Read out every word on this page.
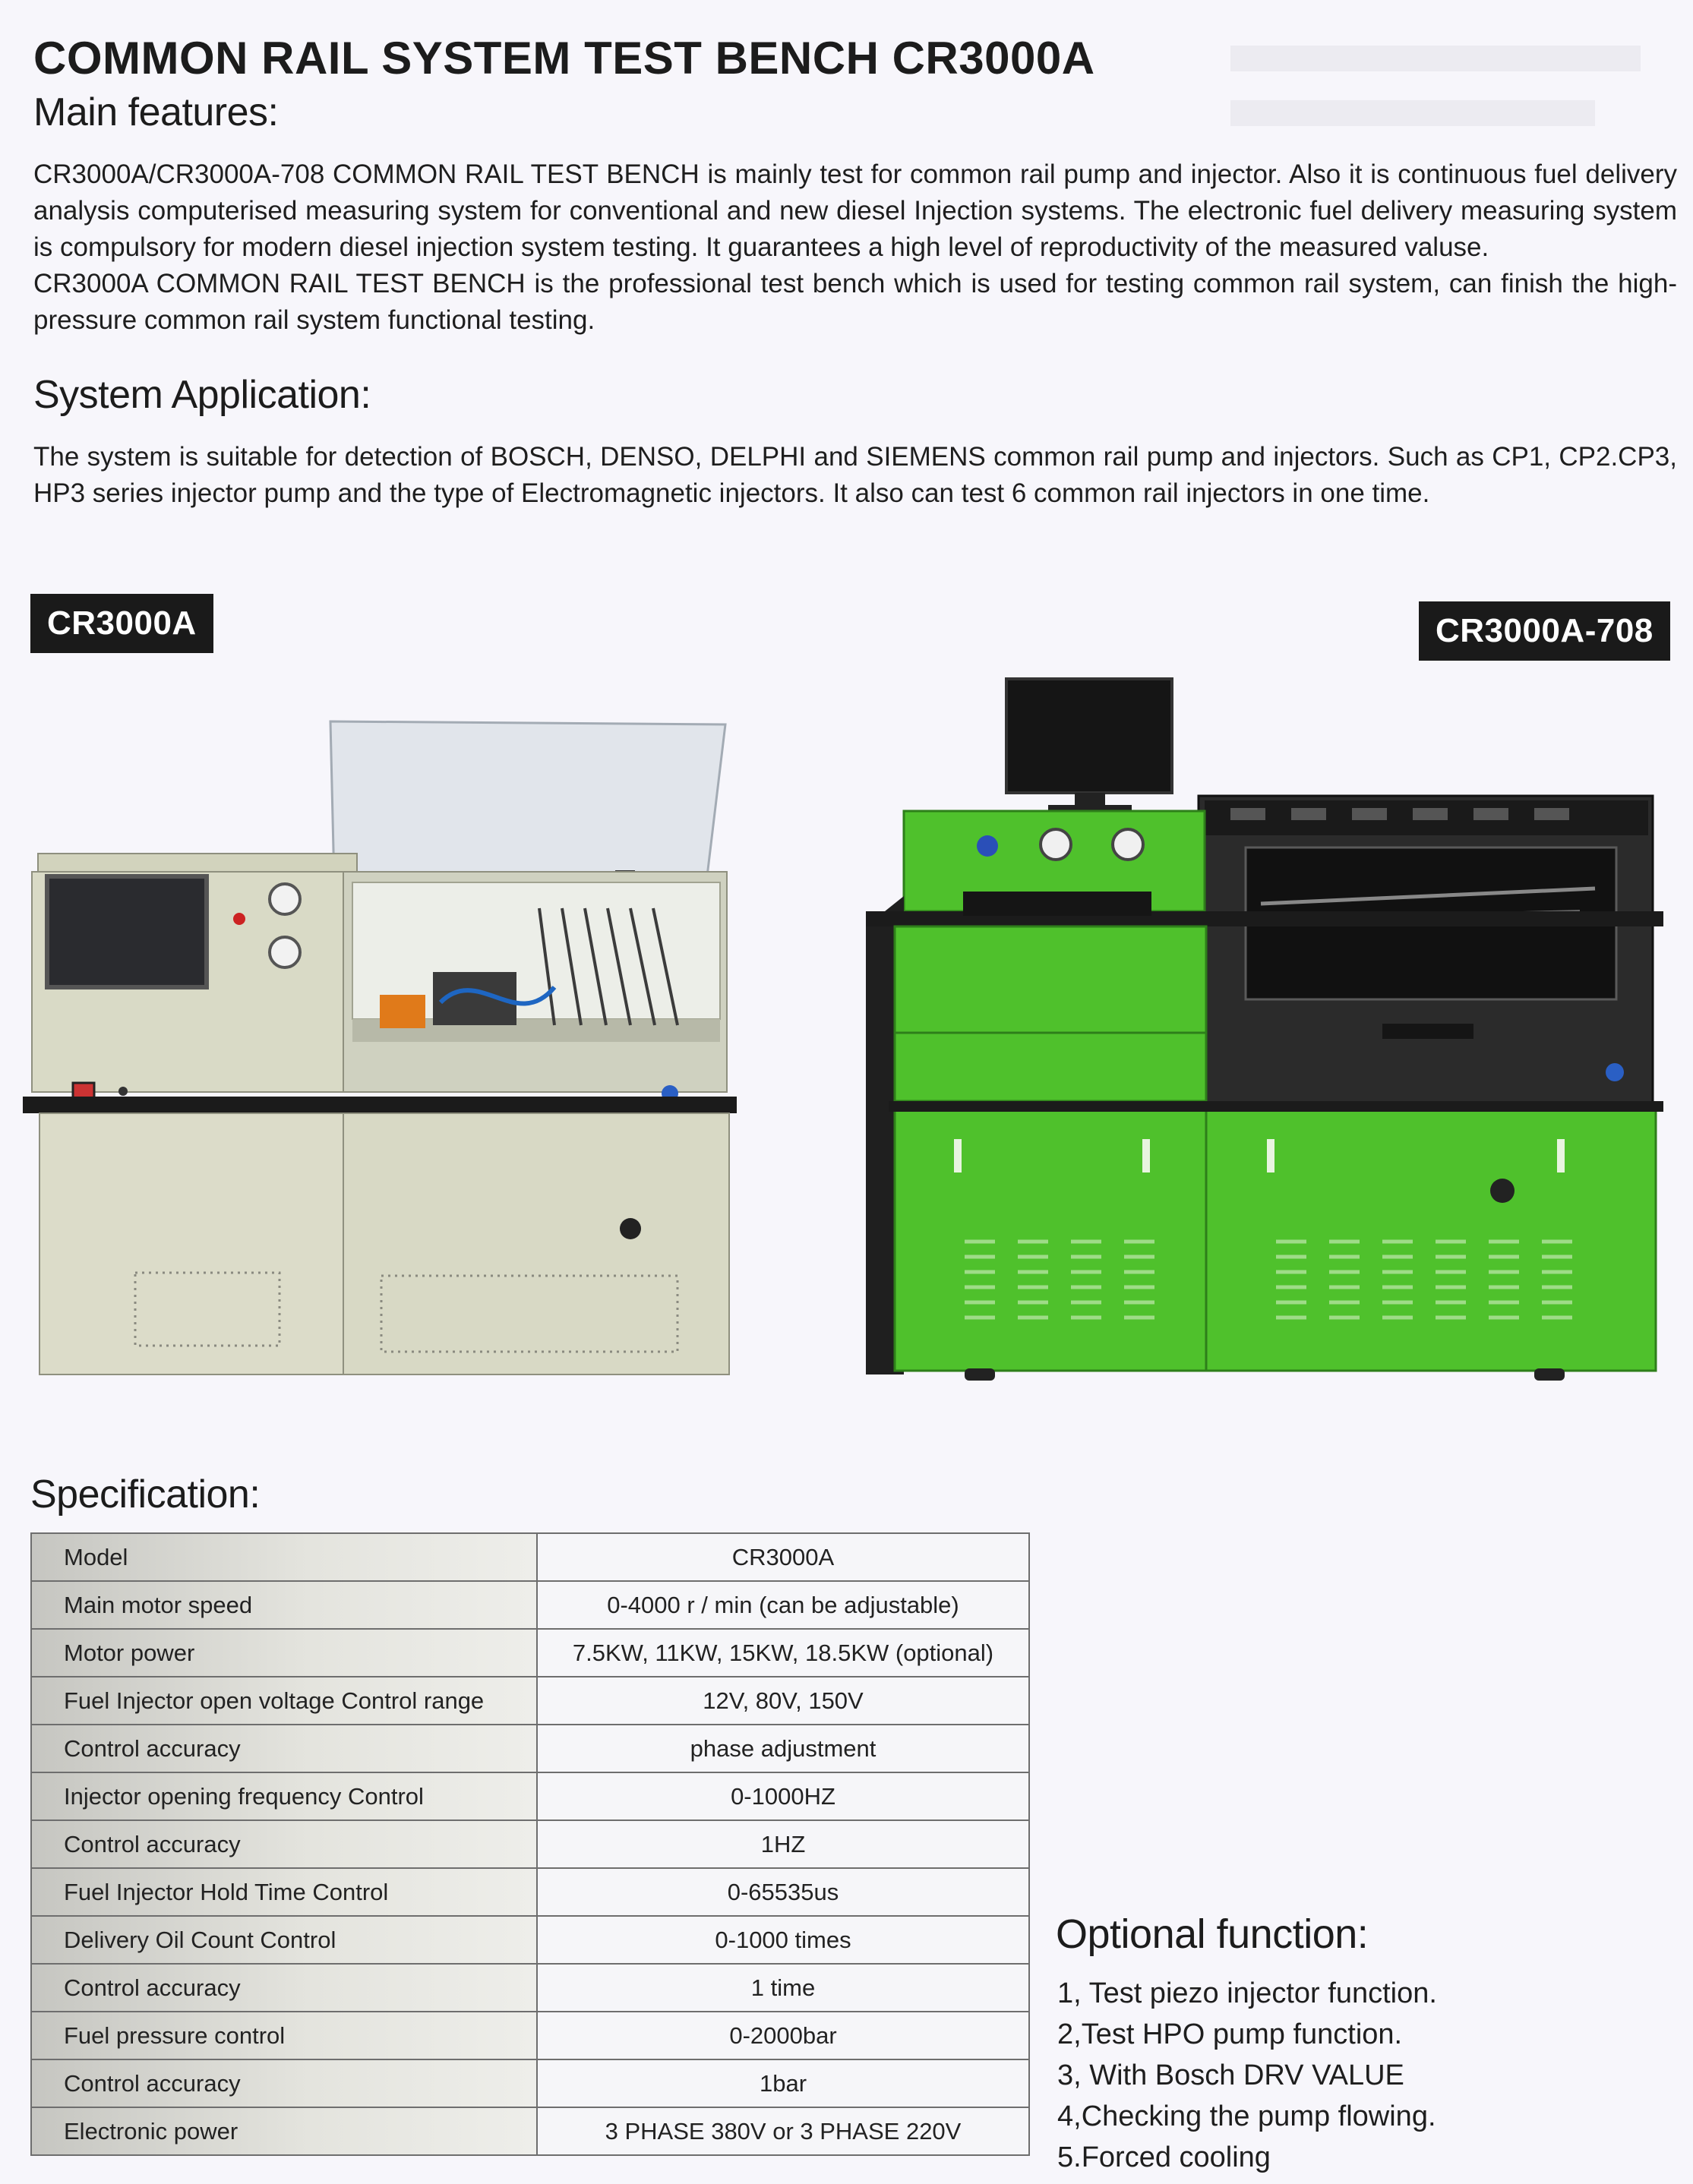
COMMON RAIL SYSTEM TEST BENCH CR3000A
Main features:
CR3000A/CR3000A-708 COMMON RAIL TEST BENCH is mainly test for common rail pump and injector. Also it is continuous fuel delivery analysis computerised measuring system for conventional and new diesel Injection systems. The electronic fuel delivery measuring system is compulsory for modern diesel injection system testing. It guarantees a high level of reproductivity of the measured valuse.
CR3000A COMMON RAIL TEST BENCH is the professional test bench which is used for testing common rail system, can finish the high-pressure common rail system functional testing.
System Application:
The system is suitable for detection of BOSCH, DENSO, DELPHI and SIEMENS common rail pump and injectors. Such as CP1, CP2.CP3, HP3 series injector pump and the type of Electromagnetic injectors. It also can test 6 common rail injectors in one time.
CR3000A	CR3000A-708
Specification:
Model	CR3000A
Main motor speed	0-4000 r / min (can be adjustable)
Motor power	7.5KW, 11KW, 15KW, 18.5KW (optional)
Fuel Injector open voltage Control range	12V, 80V, 150V
Control accuracy	phase adjustment
Injector opening frequency Control	0-1000HZ
Control accuracy	1HZ
Fuel Injector Hold Time Control	0-65535us
Delivery Oil Count Control	0-1000 times
Control accuracy	1 time
Fuel pressure control	0-2000bar
Control accuracy	1bar
Electronic power	3 PHASE 380V or 3 PHASE 220V
Optional function:
1, Test piezo injector function.
2,Test HPO pump function.
3, With Bosch DRV VALUE
4,Checking the pump flowing.
5.Forced cooling
